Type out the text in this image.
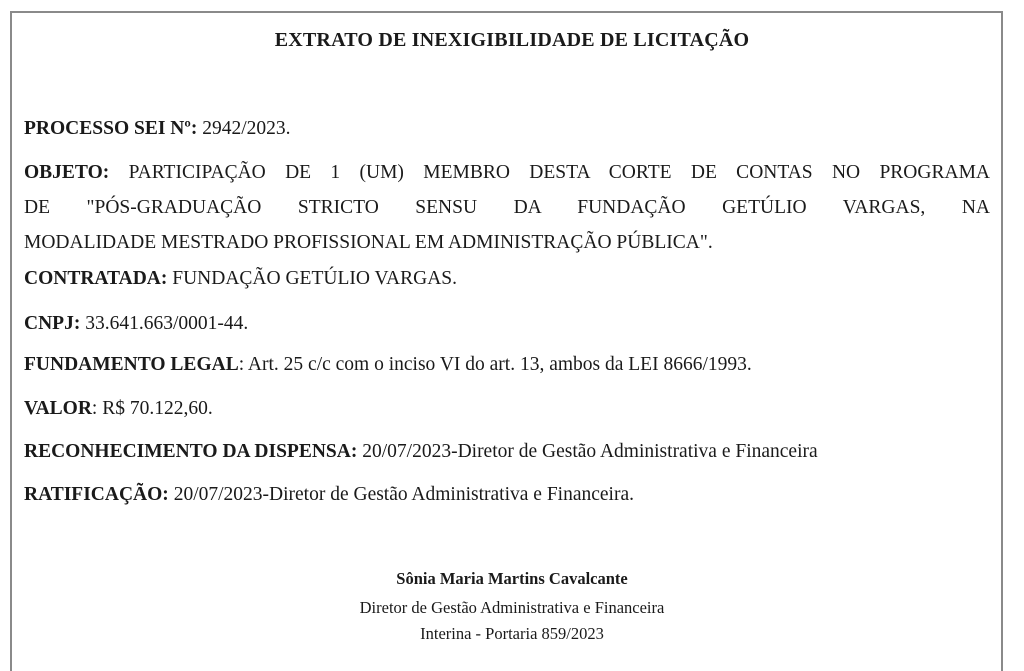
EXTRATO DE INEXIGIBILIDADE DE LICITAÇÃO

PROCESSO SEI Nº: 2942/2023.

OBJETO: PARTICIPAÇÃO DE 1 (UM) MEMBRO DESTA CORTE DE CONTAS NO PROGRAMA
DE "PÓS-GRADUAÇÃO STRICTO SENSU DA FUNDAÇÃO GETÚLIO VARGAS, NA
MODALIDADE MESTRADO PROFISSIONAL EM ADMINISTRAÇÃO PÚBLICA".

CONTRATADA: FUNDAÇÃO GETÚLIO VARGAS.

CNPJ: 33.641.663/0001-44.

FUNDAMENTO LEGAL: Art. 25 c/c com o inciso VI do art. 13, ambos da LEI 8666/1993.

VALOR: R$ 70.122,60.

RECONHECIMENTO DA DISPENSA: 20/07/2023-Diretor de Gestão Administrativa e Financeira

RATIFICAÇÃO: 20/07/2023-Diretor de Gestão Administrativa e Financeira.

Sônia Maria Martins Cavalcante

Diretor de Gestão Administrativa e Financeira

Interina - Portaria 859/2023
